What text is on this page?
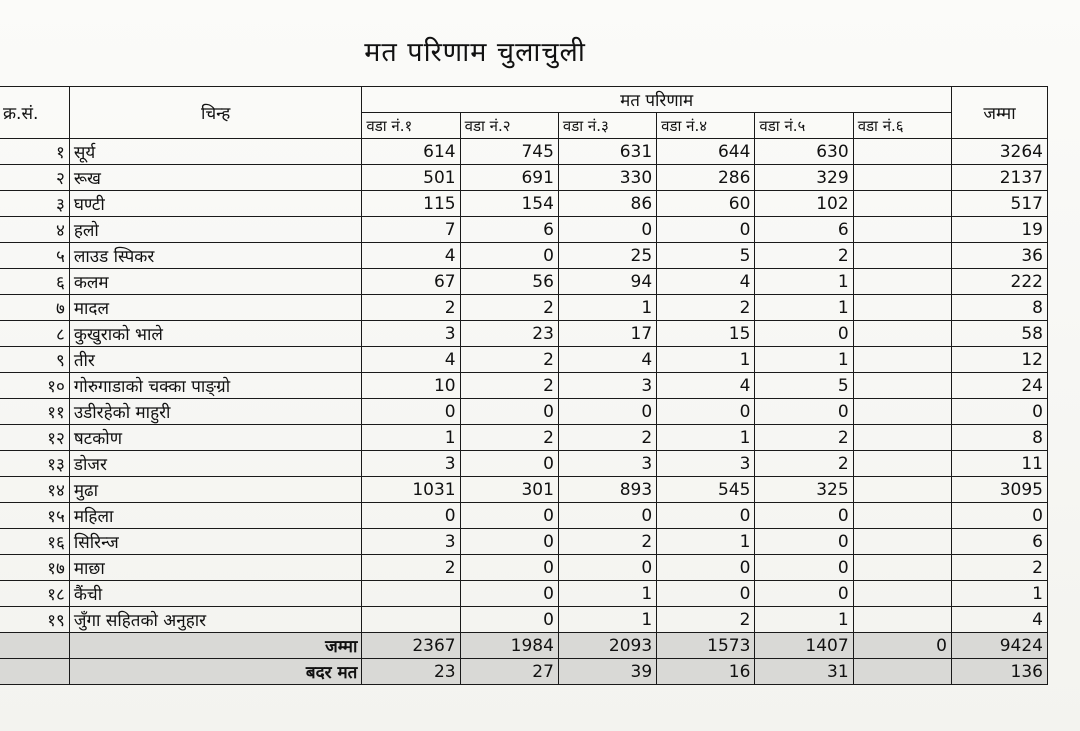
मत परिणाम चुलाचुली
क्र.सं.	चिन्ह	मत परिणाम						जम्मा
		वडा नं.१	वडा नं.२	वडा नं.३	वडा नं.४	वडा नं.५	वडा नं.६	
१	सूर्य	614	745	631	644	630		3264
२	रूख	501	691	330	286	329		2137
३	घण्टी	115	154	86	60	102		517
४	हलो	7	6	0	0	6		19
५	लाउड स्पिकर	4	0	25	5	2		36
६	कलम	67	56	94	4	1		222
७	मादल	2	2	1	2	1		8
८	कुखुराको भाले	3	23	17	15	0		58
९	तीर	4	2	4	1	1		12
१०	गोरुगाडाको चक्का पाङ्ग्रो	10	2	3	4	5		24
११	उडीरहेको माहुरी	0	0	0	0	0		0
१२	षटकोण	1	2	2	1	2		8
१३	डोजर	3	0	3	3	2		11
१४	मुढा	1031	301	893	545	325		3095
१५	महिला	0	0	0	0	0		0
१६	सिरिन्ज	3	0	2	1	0		6
१७	माछा	2	0	0	0	0		2
१८	कैंची		0	1	0	0		1
१९	जुँगा सहितको अनुहार		0	1	2	1		4
	जम्मा	2367	1984	2093	1573	1407	0	9424
	बदर मत	23	27	39	16	31		136
